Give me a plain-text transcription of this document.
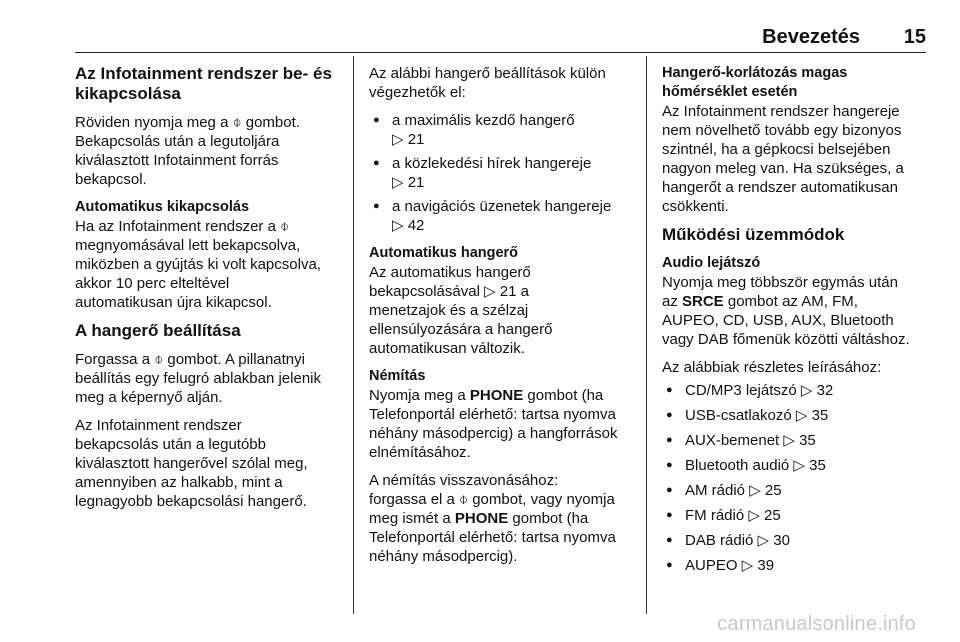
Bevezetés 15
Az Infotainment rendszer be- és
kikapcsolása
Röviden nyomja meg a ⌽ gombot.
Bekapcsolás után a legutoljára
kiválasztott Infotainment forrás
bekapcsol.
Automatikus kikapcsolás
Ha az Infotainment rendszer a ⌽
megnyomásával lett bekapcsolva,
miközben a gyújtás ki volt kapcsolva,
akkor 10 perc elteltével
automatikusan újra kikapcsol.
A hangerő beállítása
Forgassa a ⌽ gombot. A pillanatnyi
beállítás egy felugró ablakban jelenik
meg a képernyő alján.
Az Infotainment rendszer
bekapcsolás után a legutóbb
kiválasztott hangerővel szólal meg,
amennyiben az halkabb, mint a
legnagyobb bekapcsolási hangerő.
Az alábbi hangerő beállítások külön
végezhetők el:
● a maximális kezdő hangerő
▷ 21
● a közlekedési hírek hangereje
▷ 21
● a navigációs üzenetek hangereje
▷ 42
Automatikus hangerő
Az automatikus hangerő
bekapcsolásával ▷ 21 a
menetzajok és a szélzaj
ellensúlyozására a hangerő
automatikusan változik.
Némítás
Nyomja meg a PHONE gombot (ha
Telefonportál elérhető: tartsa nyomva
néhány másodpercig) a hangforrások
elnémításához.
A némítás visszavonásához:
forgassa el a ⌽ gombot, vagy nyomja
meg ismét a PHONE gombot (ha
Telefonportál elérhető: tartsa nyomva
néhány másodpercig).
Hangerő-korlátozás magas
hőmérséklet esetén
Az Infotainment rendszer hangereje
nem növelhető tovább egy bizonyos
szintnél, ha a gépkocsi belsejében
nagyon meleg van. Ha szükséges, a
hangerőt a rendszer automatikusan
csökkenti.
Működési üzemmódok
Audio lejátszó
Nyomja meg többször egymás után
az SRCE gombot az AM, FM,
AUPEO, CD, USB, AUX, Bluetooth
vagy DAB főmenük közötti váltáshoz.
Az alábbiak részletes leírásához:
● CD/MP3 lejátszó ▷ 32
● USB-csatlakozó ▷ 35
● AUX-bemenet ▷ 35
● Bluetooth audió ▷ 35
● AM rádió ▷ 25
● FM rádió ▷ 25
● DAB rádió ▷ 30
● AUPEO ▷ 39
carmanualsonline.info
